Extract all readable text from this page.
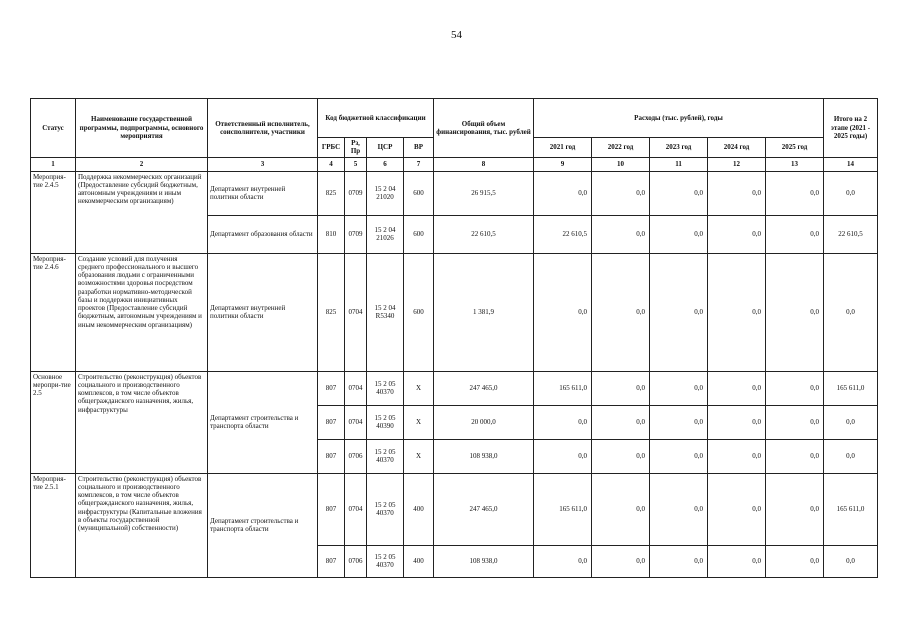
54
Статус	Наименование государственной программы, подпрограммы, основного мероприятия	Ответственный исполнитель, соисполнители, участники	Код бюджетной классификации				Общий объем финансирования, тыс. рублей	Расходы (тыс. рублей), годы					Итого на 2 этапе (2021 - 2025 годы)
			ГРБС	Рз, Пр	ЦСР	ВР		2021 год	2022 год	2023 год	2024 год	2025 год	
1	2	3	4	5	6	7	8	9	10	11	12	13	14
Мероприя-тие 2.4.5	Поддержка некоммерческих организаций (Предоставление субсидий бюджетным, автономным учреждениям и иным некоммерческим организациям)	Департамент внутренней политики области	825	0709	15 2 04 21020	600	26 915,5	0,0	0,0	0,0	0,0	0,0	0,0
		Департамент образования области	810	0709	15 2 04 21026	600	22 610,5	22 610,5	0,0	0,0	0,0	0,0	22 610,5
Мероприя-тие 2.4.6	Создание условий для получения среднего профессионального и высшего образования людьми с ограниченными возможностями здоровья посредством разработки нормативно-методической базы и поддержки инициативных проектов (Предоставление субсидий бюджетным, автономным учреждениям и иным некоммерческим организациям)	Департамент внутренней политики области	825	0704	15 2 04 R5340	600	1 381,9	0,0	0,0	0,0	0,0	0,0	0,0
Основное меропри-тие 2.5	Строительство (реконструкция) объектов социального и производственного комплексов, в том числе объектов общегражданского назначения, жилья, инфраструктуры	Департамент строительства и транспорта области	807	0704	15 2 05 40370	X	247 465,0	165 611,0	0,0	0,0	0,0	0,0	165 611,0
			807	0704	15 2 05 40390	X	20 000,0	0,0	0,0	0,0	0,0	0,0	0,0
			807	0706	15 2 05 40370	X	108 938,0	0,0	0,0	0,0	0,0	0,0	0,0
Мероприя-тие 2.5.1	Строительство (реконструкция) объектов социального и производственного комплексов, в том числе объектов общегражданского назначения, жилья, инфраструктуры (Капитальные вложения в объекты государственной (муниципальной) собственности)	Департамент строительства и транспорта области	807	0704	15 2 05 40370	400	247 465,0	165 611,0	0,0	0,0	0,0	0,0	165 611,0
			807	0706	15 2 05 40370	400	108 938,0	0,0	0,0	0,0	0,0	0,0	0,0
